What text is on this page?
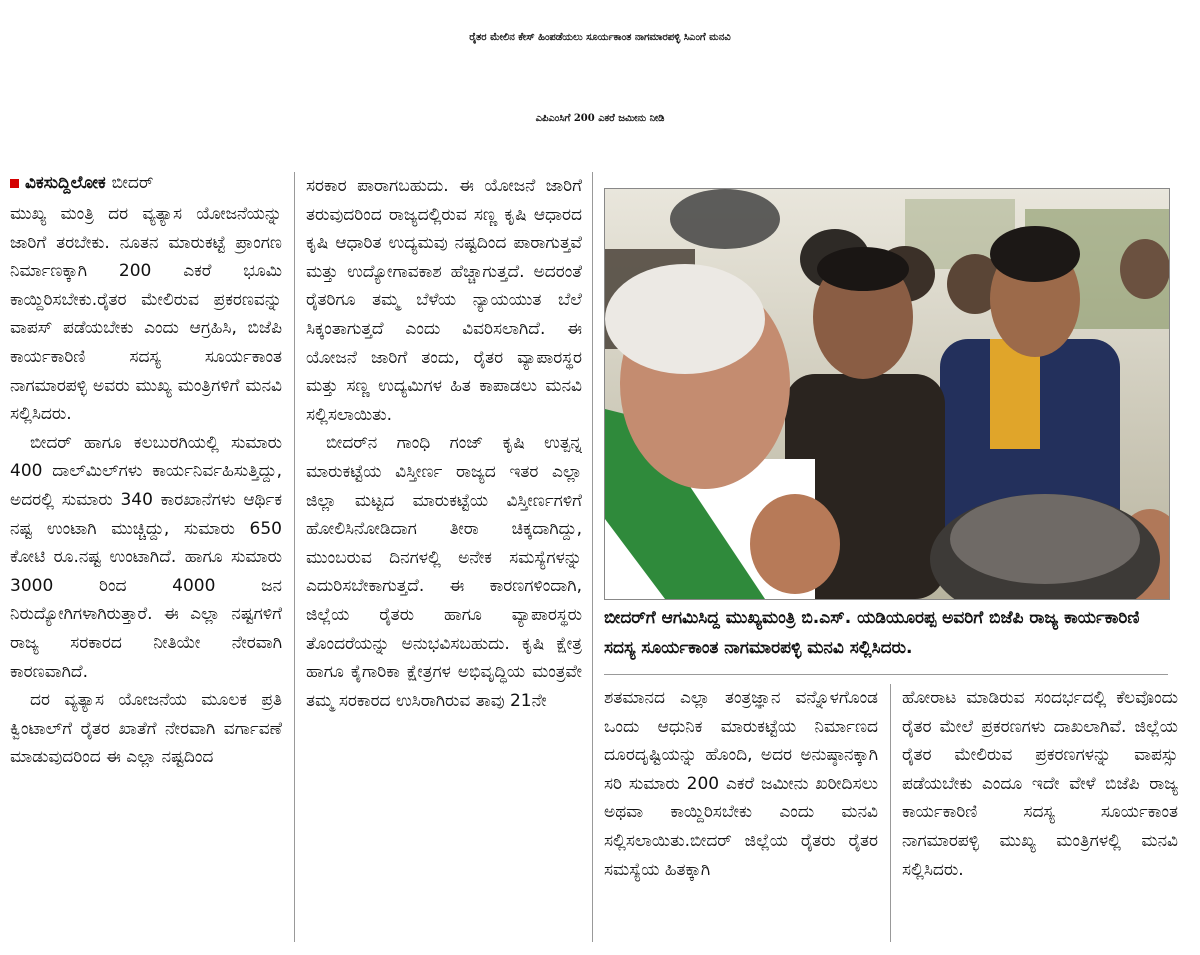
ರೈತರ ಮೇಲಿನ ಕೇಸ್ ಹಿಂಪಡೆಯಲು ಸೂರ್ಯಕಾಂತ ನಾಗಮಾರಪಳ್ಳಿ ಸಿಎಂಗೆ ಮನವಿ
ಎಪಿಎಂಸಿಗೆ 200 ಎಕರೆ ಜಮೀನು ನೀಡಿ
ವಿಕಸುದ್ದಿಲೋಕ ಬೀದರ್

ಮುಖ್ಯ ಮಂತ್ರಿ ದರ ವ್ಯತ್ಯಾಸ ಯೋಜನೆಯನ್ನು ಜಾರಿಗೆ ತರಬೇಕು. ನೂತನ ಮಾರುಕಟ್ಟೆ ಪ್ರಾಂಗಣ ನಿರ್ಮಾಣಕ್ಕಾಗಿ 200 ಎಕರೆ ಭೂಮಿ ಕಾಯ್ದಿರಿಸಬೇಕು.ರೈತರ ಮೇಲಿರುವ ಪ್ರಕರಣವನ್ನು ವಾಪಸ್ ಪಡೆಯಬೇಕು ಎಂದು ಆಗ್ರಹಿಸಿ, ಬಿಜೆಪಿ ಕಾರ್ಯಕಾರಿಣಿ ಸದಸ್ಯ ಸೂರ್ಯಕಾಂತ ನಾಗಮಾರಪಳ್ಳಿ ಅವರು ಮುಖ್ಯ ಮಂತ್ರಿಗಳಿಗೆ ಮನವಿ ಸಲ್ಲಿಸಿದರು.

ಬೀದರ್ ಹಾಗೂ ಕಲಬುರಗಿಯಲ್ಲಿ ಸುಮಾರು 400 ದಾಲ್‌ಮಿಲ್‌ಗಳು ಕಾರ್ಯನಿರ್ವಹಿಸುತ್ತಿದ್ದು, ಅದರಲ್ಲಿ ಸುಮಾರು 340 ಕಾರಖಾನೆಗಳು ಆರ್ಥಿಕ ನಷ್ಟ ಉಂಟಾಗಿ ಮುಚ್ಚಿದ್ದು, ಸುಮಾರು 650 ಕೋಟಿ ರೂ.ನಷ್ಟ ಉಂಟಾಗಿದೆ. ಹಾಗೂ ಸುಮಾರು 3000 ರಿಂದ 4000 ಜನ ನಿರುದ್ಯೋಗಿಗಳಾಗಿರುತ್ತಾರೆ. ಈ ಎಲ್ಲಾ ನಷ್ಟಗಳಿಗೆ ರಾಜ್ಯ ಸರಕಾರದ ನೀತಿಯೇ ನೇರವಾಗಿ ಕಾರಣವಾಗಿದೆ.

ದರ ವ್ಯತ್ಯಾಸ ಯೋಜನೆಯ ಮೂಲಕ ಪ್ರತಿ ಕ್ವಿಂಟಾಲ್‌ಗೆ ರೈತರ ಖಾತೆಗೆ ನೇರವಾಗಿ ವರ್ಗಾವಣೆ ಮಾಡುವುದರಿಂದ ಈ ಎಲ್ಲಾ ನಷ್ಟದಿಂದ

ಸರಕಾರ ಪಾರಾಗಬಹುದು. ಈ ಯೋಜನೆ ಜಾರಿಗೆ ತರುವುದರಿಂದ ರಾಜ್ಯದಲ್ಲಿರುವ ಸಣ್ಣ ಕೃಷಿ ಆಧಾರದ ಕೃಷಿ ಆಧಾರಿತ ಉದ್ಯಮವು ನಷ್ಟದಿಂದ ಪಾರಾಗುತ್ತವೆ ಮತ್ತು ಉದ್ಯೋಗಾವಕಾಶ ಹೆಚ್ಚಾಗುತ್ತದೆ. ಅದರಂತೆ ರೈತರಿಗೂ ತಮ್ಮ ಬೆಳೆಯ ನ್ಯಾಯಯುತ ಬೆಲೆ ಸಿಕ್ಕಂತಾಗುತ್ತದೆ ಎಂದು ವಿವರಿಸಲಾಗಿದೆ. ಈ ಯೋಜನೆ ಜಾರಿಗೆ ತಂದು, ರೈತರ ವ್ಯಾಪಾರಸ್ಥರ ಮತ್ತು ಸಣ್ಣ ಉದ್ಯಮಿಗಳ ಹಿತ ಕಾಪಾಡಲು ಮನವಿ ಸಲ್ಲಿಸಲಾಯಿತು.

ಬೀದರ್‌ನ ಗಾಂಧಿ ಗಂಜ್ ಕೃಷಿ ಉತ್ಪನ್ನ ಮಾರುಕಟ್ಟೆಯ ವಿಸ್ತೀರ್ಣ ರಾಜ್ಯದ ಇತರ ಎಲ್ಲಾ ಜಿಲ್ಲಾ ಮಟ್ಟದ ಮಾರುಕಟ್ಟೆಯ ವಿಸ್ತೀರ್ಣಗಳಿಗೆ ಹೋಲಿಸಿನೋಡಿದಾಗ ತೀರಾ ಚಿಕ್ಕದಾಗಿದ್ದು, ಮುಂಬರುವ ದಿನಗಳಲ್ಲಿ ಅನೇಕ ಸಮಸ್ಯೆಗಳನ್ನು ಎದುರಿಸಬೇಕಾಗುತ್ತದೆ. ಈ ಕಾರಣಗಳಿಂದಾಗಿ, ಜಿಲ್ಲೆಯ ರೈತರು ಹಾಗೂ ವ್ಯಾಪಾರಸ್ಥರು ತೊಂದರೆಯನ್ನು ಅನುಭವಿಸಬಹುದು. ಕೃಷಿ ಕ್ಷೇತ್ರ ಹಾಗೂ ಕೈಗಾರಿಕಾ ಕ್ಷೇತ್ರಗಳ ಅಭಿವೃದ್ಧಿಯ ಮಂತ್ರವೇ ತಮ್ಮ ಸರಕಾರದ ಉಸಿರಾಗಿರುವ ತಾವು 21ನೇ

ಬೀದರ್‌ಗೆ ಆಗಮಿಸಿದ್ದ ಮುಖ್ಯಮಂತ್ರಿ ಬಿ.ಎಸ್. ಯಡಿಯೂರಪ್ಪ ಅವರಿಗೆ ಬಿಜೆಪಿ ರಾಜ್ಯ ಕಾರ್ಯಕಾರಿಣಿ ಸದಸ್ಯ ಸೂರ್ಯಕಾಂತ ನಾಗಮಾರಪಳ್ಳಿ ಮನವಿ ಸಲ್ಲಿಸಿದರು.

ಶತಮಾನದ ಎಲ್ಲಾ ತಂತ್ರಜ್ಞಾನ ವನ್ನೊಳಗೊಂಡ ಒಂದು ಆಧುನಿಕ ಮಾರುಕಟ್ಟೆಯ ನಿರ್ಮಾಣದ ದೂರದೃಷ್ಟಿಯನ್ನು ಹೊಂದಿ, ಅದರ ಅನುಷ್ಠಾನಕ್ಕಾಗಿ ಸರಿ ಸುಮಾರು 200 ಎಕರೆ ಜಮೀನು ಖರೀದಿಸಲು ಅಥವಾ ಕಾಯ್ದಿರಿಸಬೇಕು ಎಂದು ಮನವಿ ಸಲ್ಲಿಸಲಾಯಿತು.ಬೀದರ್ ಜಿಲ್ಲೆಯ ರೈತರು ರೈತರ ಸಮಸ್ಯೆಯ ಹಿತಕ್ಕಾಗಿ

ಹೋರಾಟ ಮಾಡಿರುವ ಸಂದರ್ಭದಲ್ಲಿ ಕೆಲವೊಂದು ರೈತರ ಮೇಲೆ ಪ್ರಕರಣಗಳು ದಾಖಲಾಗಿವೆ. ಜಿಲ್ಲೆಯ ರೈತರ ಮೇಲಿರುವ ಪ್ರಕರಣಗಳನ್ನು ವಾಪಸ್ಸು ಪಡೆಯಬೇಕು ಎಂದೂ ಇದೇ ವೇಳೆ ಬಿಜೆಪಿ ರಾಜ್ಯ ಕಾರ್ಯಕಾರಿಣಿ ಸದಸ್ಯ ಸೂರ್ಯಕಾಂತ ನಾಗಮಾರಪಳ್ಳಿ ಮುಖ್ಯ ಮಂತ್ರಿಗಳಲ್ಲಿ ಮನವಿ ಸಲ್ಲಿಸಿದರು.
